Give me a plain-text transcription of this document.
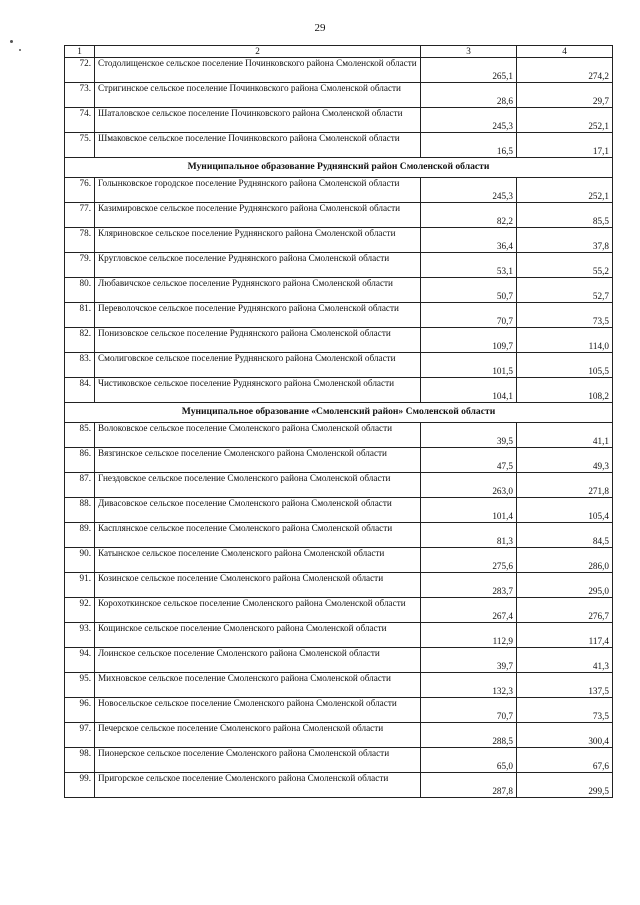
29
1	2	3	4
72.	Стодолищенское сельское поселение Починковского района Смоленской области	265,1	274,2
73.	Стригинское сельское поселение Починковского района Смоленской области	28,6	29,7
74.	Шаталовское сельское поселение Починковского района Смоленской области	245,3	252,1
75.	Шмаковское сельское поселение Починковского района Смоленской области	16,5	17,1
Муниципальное образование Руднянский район Смоленской области			
76.	Голынковское городское поселение Руднянского района Смоленской области	245,3	252,1
77.	Казимировское сельское поселение Руднянского района Смоленской области	82,2	85,5
78.	Кляриновское сельское поселение Руднянского района Смоленской области	36,4	37,8
79.	Кругловское сельское поселение Руднянского района Смоленской области	53,1	55,2
80.	Любавичское сельское поселение Руднянского района Смоленской области	50,7	52,7
81.	Переволочское сельское поселение Руднянского района Смоленской области	70,7	73,5
82.	Понизовское сельское поселение Руднянского района Смоленской области	109,7	114,0
83.	Смолиговское сельское поселение Руднянского района Смоленской области	101,5	105,5
84.	Чистиковское сельское поселение Руднянского района Смоленской области	104,1	108,2
Муниципальное образование «Смоленский район» Смоленской области			
85.	Волоковское сельское поселение Смоленского района Смоленской области	39,5	41,1
86.	Вязгинское сельское поселение Смоленского района Смоленской области	47,5	49,3
87.	Гнездовское сельское поселение Смоленского района Смоленской области	263,0	271,8
88.	Дивасовское сельское поселение Смоленского района Смоленской области	101,4	105,4
89.	Касплянское сельское поселение Смоленского района Смоленской области	81,3	84,5
90.	Катынское сельское поселение Смоленского района Смоленской области	275,6	286,0
91.	Козинское сельское поселение Смоленского района Смоленской области	283,7	295,0
92.	Корохоткинское сельское поселение Смоленского района Смоленской области	267,4	276,7
93.	Кощинское сельское поселение Смоленского района Смоленской области	112,9	117,4
94.	Лоинское сельское поселение Смоленского района Смоленской области	39,7	41,3
95.	Михновское сельское поселение Смоленского района Смоленской области	132,3	137,5
96.	Новосельское сельское поселение Смоленского района Смоленской области	70,7	73,5
97.	Печерское сельское поселение Смоленского района Смоленской области	288,5	300,4
98.	Пионерское сельское поселение Смоленского района Смоленской области	65,0	67,6
99.	Пригорское сельское поселение Смоленского района Смоленской области	287,8	299,5
